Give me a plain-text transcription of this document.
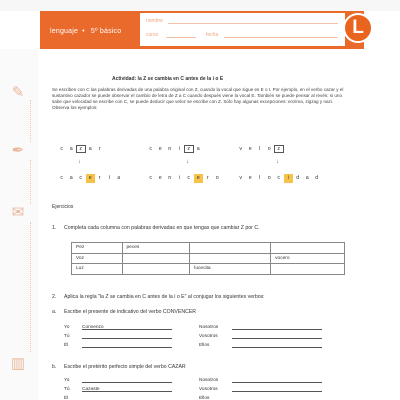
lenguaje • 5º básico
nombre
curso	fecha	L
✎
✒
✉
▥
Actividad: la Z se cambia en C antes de la i o E
Se escriben con C las palabras derivadas de una palabra original con Z, cuando la vocal que sigue es E o I. Por ejemplo, en el verbo cazar y el sustantivo cazador se puede observar el cambio de letra de Z a C cuando después viene la vocal E. También se puede pensar al revés: si uno sabe que velocidad se escribe con C, se puede deducir que veloz se escribe con Z. Sólo hay algunas excepciones: enzima, zigzag y nazi. Observa los ejemplos:
c a z a r
↓
c a c e r í a
c e n i z a
↓
c e n i c e r o
v e l o z
↓
v e l o c i d a d
Ejercicios
1. Completa cada columna con palabras derivadas en que tengas que cambiar Z por C.
Pez	peces		
Voz			vocero
Luz		lucecita	
2. Aplica la regla "la Z se cambia en C antes de la i o E" al conjugar los siguientes verbos:
a. Escribe el presente de indicativo del verbo CONVENCER
Yo	Convenzo	Nosotros
Tú	Vosotros
Él	Ellos
b. Escribe el pretérito perfecto simple del verbo CAZAR
Yo	Nosotros
Tú	Cazaste	Vosotros
Él	Ellos
